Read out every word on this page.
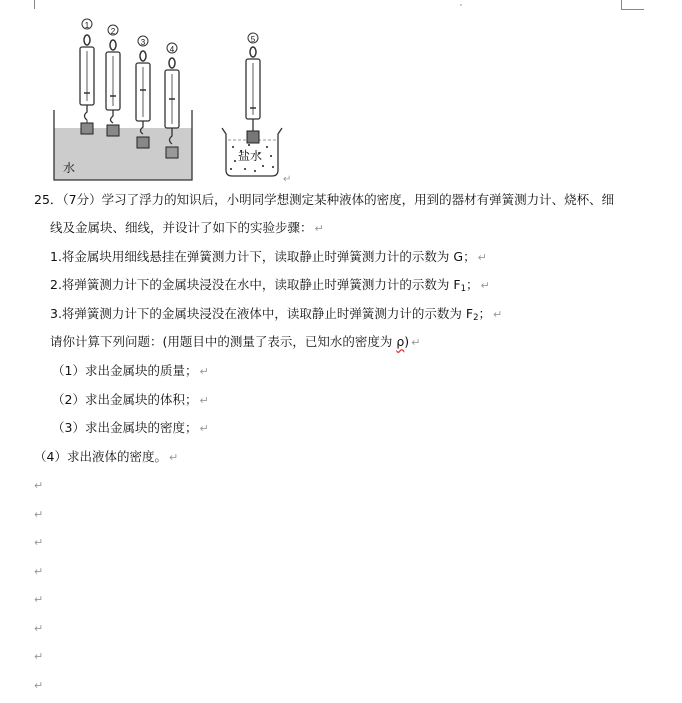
1
2
3
4
5
水
盐水
↵
25．（7分）学习了浮力的知识后，小明同学想测定某种液体的密度，用到的器材有弹簧测力计、烧杯、细
线及金属块、细线，并设计了如下的实验步骤： ↵
1.将金属块用细线悬挂在弹簧测力计下，读取静止时弹簧测力计的示数为 G； ↵
2.将弹簧测力计下的金属块浸没在水中，读取静止时弹簧测力计的示数为 $F_1$； ↵
3.将弹簧测力计下的金属块浸没在液体中，读取静止时弹簧测力计的示数为 $F_2$； ↵
请你计算下列问题：(用题目中的测量了表示，已知水的密度为 ρ) ↵
（1）求出金属块的质量； ↵
（2）求出金属块的体积； ↵
（3）求出金属块的密度； ↵
（4）求出液体的密度。 ↵
↵
↵
↵
↵
↵
↵
↵
↵
